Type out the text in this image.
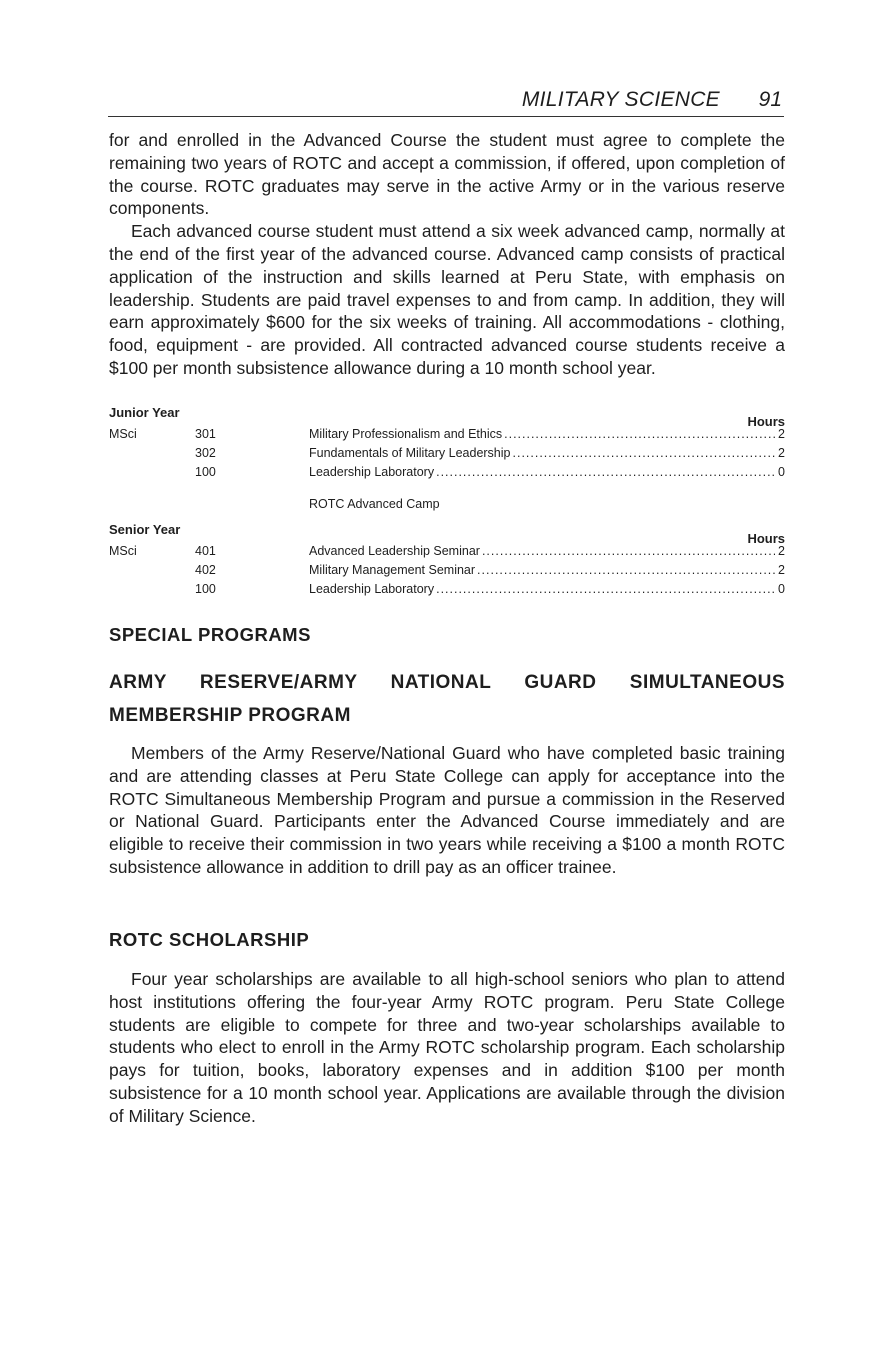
MILITARY SCIENCE 91

for and enrolled in the Advanced Course the student must agree to complete the remaining two years of ROTC and accept a commission, if offered, upon completion of the course. ROTC graduates may serve in the active Army or in the various reserve components.

Each advanced course student must attend a six week advanced camp, normally at the end of the first year of the advanced course. Advanced camp consists of practical application of the instruction and skills learned at Peru State, with emphasis on leadership. Students are paid travel expenses to and from camp. In addition, they will earn approximately $600 for the six weeks of training. All accommodations - clothing, food, equipment - are provided. All contracted advanced course students receive a $100 per month subsistence allowance during a 10 month school year.

Junior Year
Hours
MSci	301	Military Professionalism and Ethics .....	2
302	Fundamentals of Military Leadership .....	2
100	Leadership Laboratory .....	0
ROTC Advanced Camp
Senior Year
Hours
MSci	401	Advanced Leadership Seminar .....	2
402	Military Management Seminar .....	2
100	Leadership Laboratory .....	0
SPECIAL PROGRAMS
ARMY RESERVE/ARMY NATIONAL GUARD SIMULTANEOUS
MEMBERSHIP PROGRAM

Members of the Army Reserve/National Guard who have completed basic training and are attending classes at Peru State College can apply for acceptance into the ROTC Simultaneous Membership Program and pursue a commission in the Reserved or National Guard. Participants enter the Advanced Course immediately and are eligible to receive their commission in two years while receiving a $100 a month ROTC subsistence allowance in addition to drill pay as an officer trainee.

ROTC SCHOLARSHIP

Four year scholarships are available to all high-school seniors who plan to attend host institutions offering the four-year Army ROTC program. Peru State College students are eligible to compete for three and two-year scholarships available to students who elect to enroll in the Army ROTC scholarship program. Each scholarship pays for tuition, books, laboratory expenses and in addition $100 per month subsistence for a 10 month school year. Applications are available through the division of Military Science.
